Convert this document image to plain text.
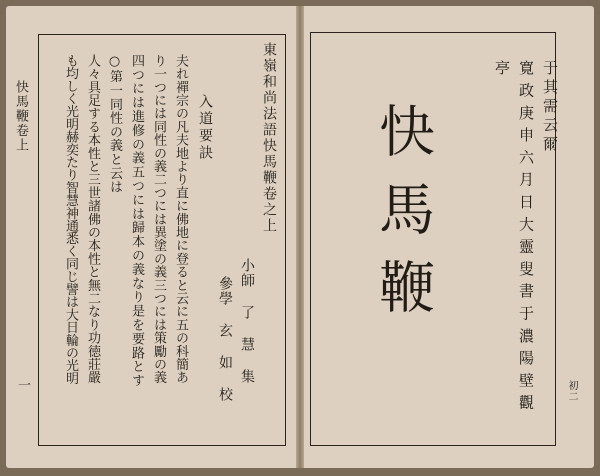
快馬鞭卷上
一
東嶺和尚法語快馬鞭卷之上
小師 了 慧 集
參學 玄 如 校
入道要訣
夫れ禪宗の凡夫地より直に佛地に登ると云に五の科簡あ
り一つには同性の義二つには異塗の義三つには策勵の義
四つには進修の義五つには歸本の義なり是を要路とす
○第一同性の義と云は
人々具足する本性と三世諸佛の本性と無二なり功徳莊嚴
も均しく光明赫奕たり智慧神通悉く同じ譬は大日輪の光明	于其需云爾
寛政庚申六月日大靈叟書于濃陽壁觀
亭
快馬鞭
初二
